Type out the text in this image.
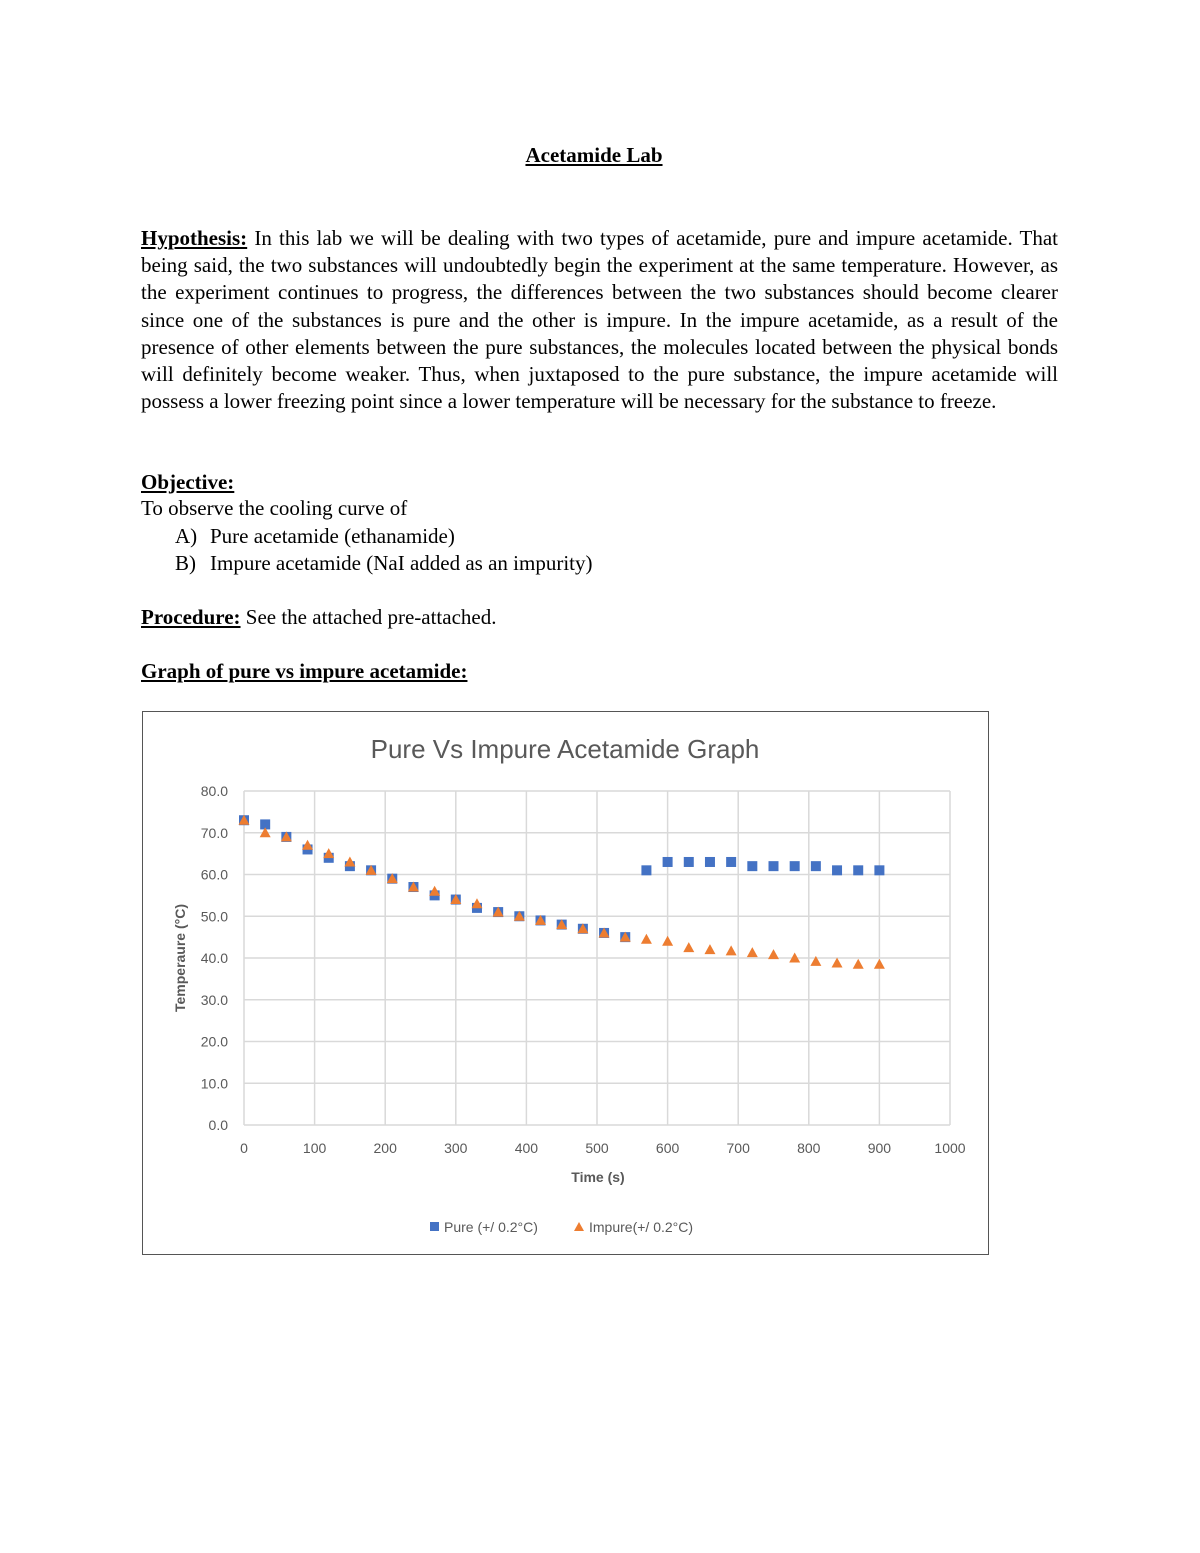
Acetamide Lab

Hypothesis: In this lab we will be dealing with two types of acetamide, pure and impure acetamide. That being said, the two substances will undoubtedly begin the experiment at the same temperature. However, as the experiment continues to progress, the differences between the two substances should become clearer since one of the substances is pure and the other is impure. In the impure acetamide, as a result of the presence of other elements between the pure substances, the molecules located between the physical bonds will definitely become weaker. Thus, when juxtaposed to the pure substance, the impure acetamide will possess a lower freezing point since a lower temperature will be necessary for the substance to freeze.

Objective:
To observe the cooling curve of
A) Pure acetamide (ethanamide)
B) Impure acetamide (NaI added as an impurity)
Procedure: See the attached pre-attached.
Graph of pure vs impure acetamide:
Pure Vs Impure Acetamide Graph
0.0
10.0
20.0
30.0
40.0
50.0
60.0
70.0
80.0
0	100	200	300	400	500	600	700	800	900	1000
Time (s)
Temperaure (°C)
Pure (+/ 0.2°C)	Impure(+/ 0.2°C)
